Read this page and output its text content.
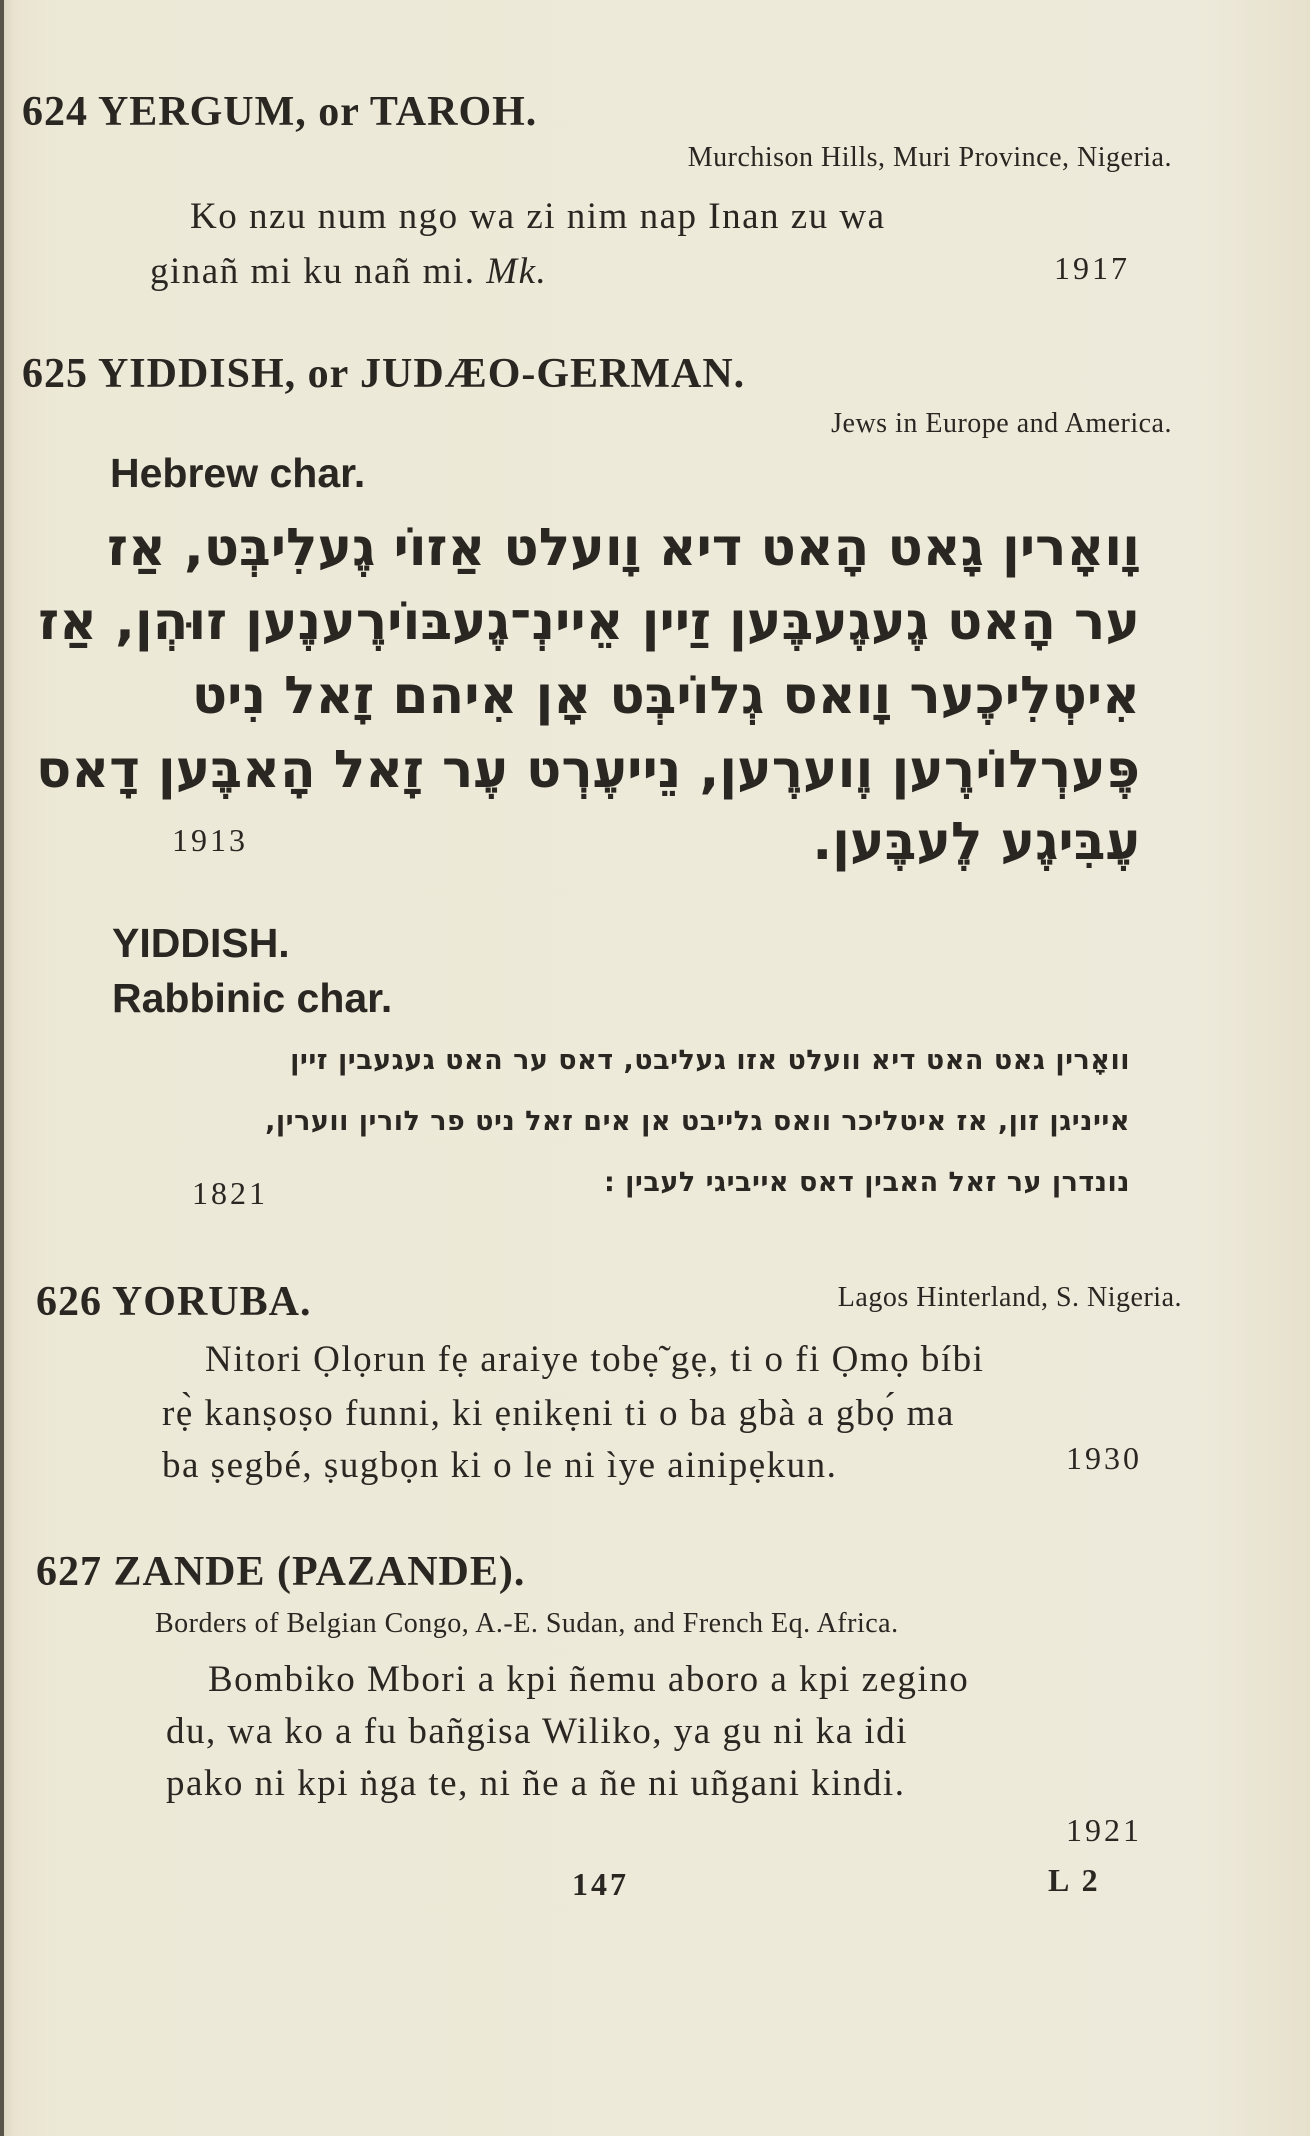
624 YERGUM, or TAROH.
Murchison Hills, Muri Province, Nigeria.
Ko nzu num ngo wa zi nim nap Inan zu wa
ginañ mi ku nañ mi. Mk.	1917
625 YIDDISH, or JUDÆO-GERMAN.
Jews in Europe and America.
Hebrew char.
וָואָרין גָאט הָאט דיא וָועלט אַזוֹי גֶעלִיבְּט, אַז
ער הָאט גֶעגֶעבֶּען זַיין אֵיינְ־גֶעבּוֹירֶענֶען זוּהְן, אַז
אִיטְלִיכֶער וָואס גְלוֹיבְּט אָן אִיהם זָאל נִיט
פֶּערְלוֹירֶען וֶוערֶען, נֵייעֶרְט עֶר זָאל הָאבֶּען דָאס
עֶבִּיגֶע לֶעבֶּען.
1913
YIDDISH.
Rabbinic char.
וואָרין גאט האט דיא וועלט אזו געליבט, דאס ער האט געגעבין זיין
אייניגן זון, אז איטליכר וואס גלייבט אן אים זאל ניט פר לורין ווערין,
נונדרן ער זאל האבין דאס אייביגי לעבין :
1821
626 YORUBA.	Lagos Hinterland, S. Nigeria.
Nitori Ọlọrun fẹ araiye tobẹ̃ gẹ, ti o fi Ọmọ bíbi
rẹ̀ kanṣoṣo funni, ki ẹnikẹni ti o ba gbà a gbọ́ ma
ba ṣegbé, ṣugbọn ki o le ni ìye ainipẹkun.	1930
627 ZANDE (PAZANDE).
Borders of Belgian Congo, A.-E. Sudan, and French Eq. Africa.
Bombiko Mbori a kpi ñemu aboro a kpi zegino
du, wa ko a fu bañgisa Wiliko, ya gu ni ka idi
pako ni kpi ṅga te, ni ñe a ñe ni uñgani kindi.
1921
147	L 2
